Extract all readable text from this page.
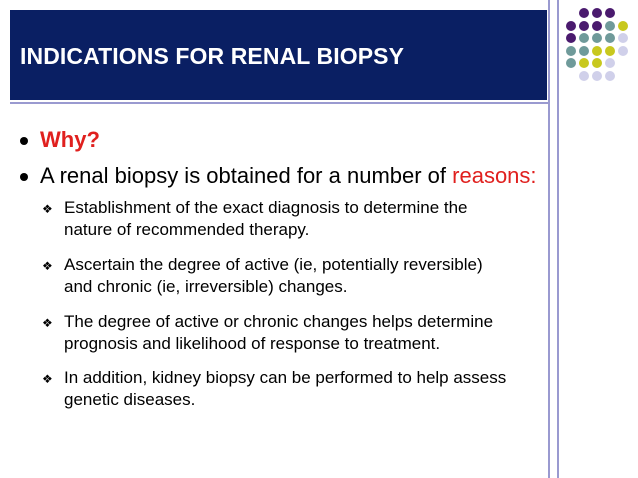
INDICATIONS FOR RENAL BIOPSY
Why?
A renal biopsy is obtained for a number of reasons:
❖ Establishment of the exact diagnosis to determine the
nature of recommended therapy.
❖ Ascertain the degree of active (ie, potentially reversible)
and chronic (ie, irreversible) changes.
❖ The degree of active or chronic changes helps determine
prognosis and likelihood of response to treatment.
❖ In addition, kidney biopsy can be performed to help assess
genetic diseases.
